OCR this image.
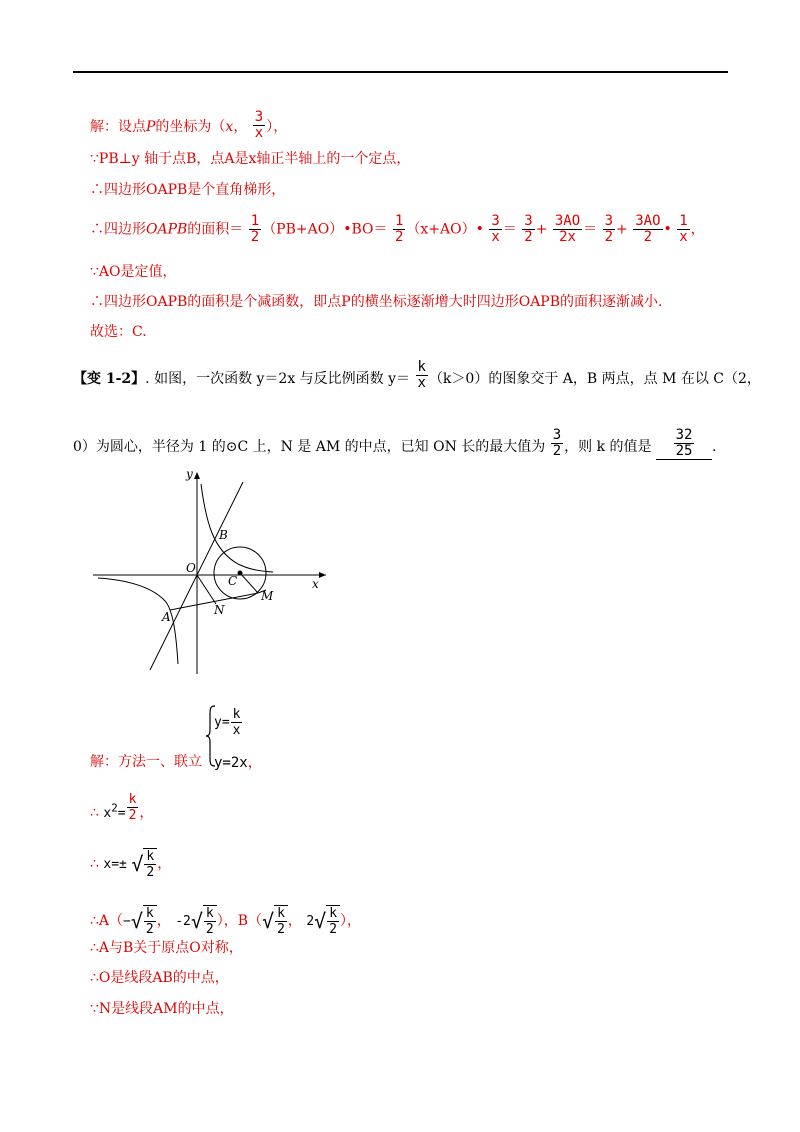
解：设点P的坐标为（x， $\frac{3}{x}$ ），
∵PB⊥y 轴于点B，点A是x轴正半轴上的一个定点，
∴四边形OAPB是个直角梯形，
∴四边形OAPB的面积＝ $\frac{1}{2}$ （PB+AO）•BO＝ $\frac{1}{2}$ （x+AO）• $\frac{3}{x} = \frac{3}{2} + \frac{3AO}{2x} = \frac{3}{2} + \frac{3AO}{2}$ • $\frac{1}{x}$ ，
∵AO是定值，
∴四边形OAPB的面积是个减函数，即点P的横坐标逐渐增大时四边形OAPB的面积逐渐减小.
故选：C.
【变 1-2】. 如图，一次函数 y＝2x 与反比例函数 $y= \frac{k}{x} (k>0)$的图象交于 A，B 两点，点 M 在以 C（2，
0）为圆心，半径为 1 的⊙C 上，N 是 AM 的中点，已知 ON 长的最大值为 $\frac{3}{2}$ ，则 k 的值是 $\frac{32}{25}$ .
y
x
O
B
C
M
A	N
解：方法一、联立
$y= \frac{k}{x}$
y=2x，
∴ $x^2= \frac{k}{2}$ ，
∴ x=± √ $\frac{k}{2}$ ，
∴A（−√ $\frac{k}{2}$ ， $-2√ \frac{k}{2}$ ），$B(√ \frac{k}{2}$ ， $2√ \frac{k}{2}$ ），
∴A与B关于原点O对称，
∴O是线段AB的中点，
∵N是线段AM的中点，
